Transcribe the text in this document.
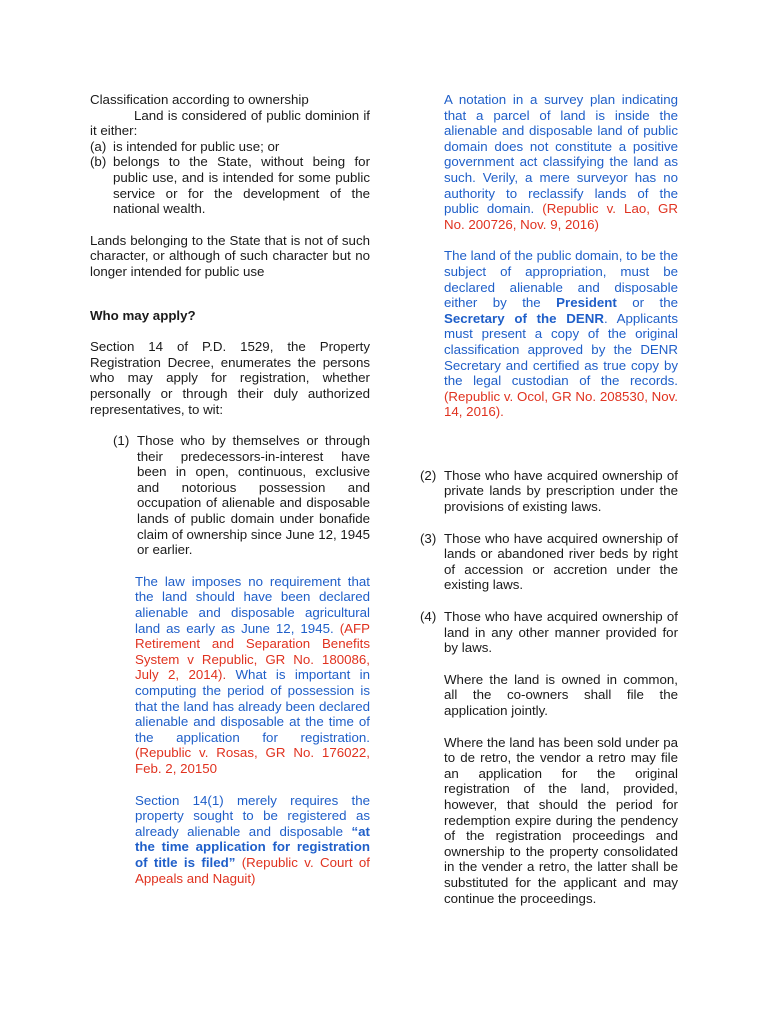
Classification according to ownership

Land is considered of public dominion if it either:

(a) is intended for public use; or
(b) belongs to the State, without being for public use, and is intended for some public service or for the development of the national wealth.

Lands belonging to the State that is not of such character, or although of such character but no longer intended for public use

Who may apply?

Section 14 of P.D. 1529, the Property Registration Decree, enumerates the persons who may apply for registration, whether personally or through their duly authorized representatives, to wit:

(1) Those who by themselves or through their predecessors-in-interest have been in open, continuous, exclusive and notorious possession and occupation of alienable and disposable lands of public domain under bonafide claim of ownership since June 12, 1945 or earlier.

The law imposes no requirement that the land should have been declared alienable and disposable agricultural land as early as June 12, 1945. (AFP Retirement and Separation Benefits System v Republic, GR No. 180086, July 2, 2014). What is important in computing the period of possession is that the land has already been declared alienable and disposable at the time of the application for registration. (Republic v. Rosas, GR No. 176022, Feb. 2, 20150

Section 14(1) merely requires the property sought to be registered as already alienable and disposable “at the time application for registration of title is filed” (Republic v. Court of Appeals and Naguit)

A notation in a survey plan indicating that a parcel of land is inside the alienable and disposable land of public domain does not constitute a positive government act classifying the land as such. Verily, a mere surveyor has no authority to reclassify lands of the public domain. (Republic v. Lao, GR No. 200726, Nov. 9, 2016)

The land of the public domain, to be the subject of appropriation, must be declared alienable and disposable either by the President or the Secretary of the DENR. Applicants must present a copy of the original classification approved by the DENR Secretary and certified as true copy by the legal custodian of the records. (Republic v. Ocol, GR No. 208530, Nov. 14, 2016).

(2) Those who have acquired ownership of private lands by prescription under the provisions of existing laws.
(3) Those who have acquired ownership of lands or abandoned river beds by right of accession or accretion under the existing laws.
(4) Those who have acquired ownership of land in any other manner provided for by laws.

Where the land is owned in common, all the co-owners shall file the application jointly.

Where the land has been sold under pa to de retro, the vendor a retro may file an application for the original registration of the land, provided, however, that should the period for redemption expire during the pendency of the registration proceedings and ownership to the property consolidated in the vender a retro, the latter shall be substituted for the applicant and may continue the proceedings.
